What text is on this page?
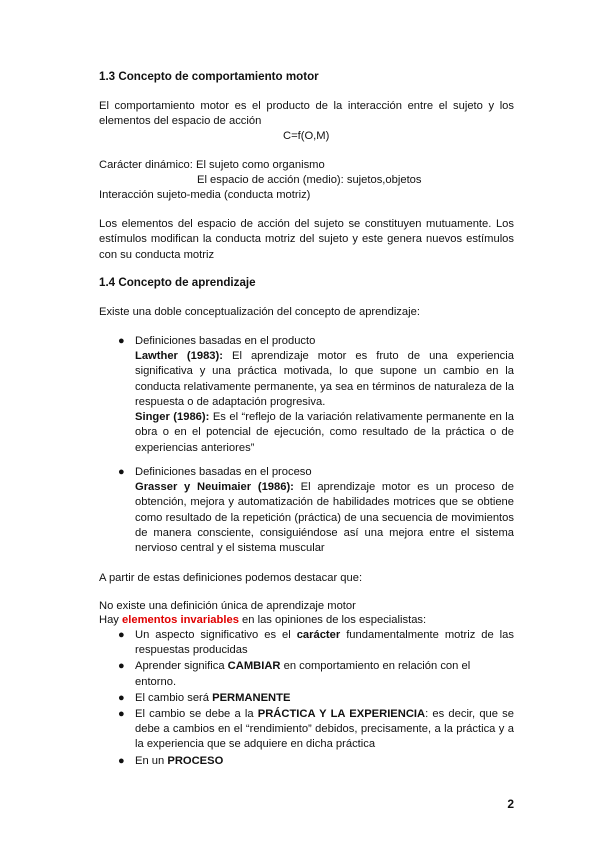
1.3 Concepto de comportamiento motor
El comportamiento motor es el producto de la interacción entre el sujeto y los elementos del espacio de acción
C=f(O,M)
Carácter dinámico: El sujeto como organismo
El espacio de acción (medio): sujetos,objetos
Interacción sujeto-media (conducta motriz)
Los elementos del espacio de acción del sujeto se constituyen mutuamente. Los estímulos modifican la conducta motriz del sujeto y este genera nuevos estímulos con su conducta motriz
1.4 Concepto de aprendizaje
Existe una doble conceptualización del concepto de aprendizaje:
● Definiciones basadas en el producto
Lawther (1983): El aprendizaje motor es fruto de una experiencia significativa y una práctica motivada, lo que supone un cambio en la conducta relativamente permanente, ya sea en términos de naturaleza de la respuesta o de adaptación progresiva.
Singer (1986): Es el “reflejo de la variación relativamente permanente en la obra o en el potencial de ejecución, como resultado de la práctica o de experiencias anteriores”
● Definiciones basadas en el proceso
Grasser y Neuimaier (1986): El aprendizaje motor es un proceso de obtención, mejora y automatización de habilidades motrices que se obtiene como resultado de la repetición (práctica) de una secuencia de movimientos de manera consciente, consiguiéndose así una mejora entre el sistema nervioso central y el sistema muscular
A partir de estas definiciones podemos destacar que:
No existe una definición única de aprendizaje motor
Hay elementos invariables en las opiniones de los especialistas:
● Un aspecto significativo es el carácter fundamentalmente motriz de las respuestas producidas
● Aprender significa CAMBIAR en comportamiento en relación con el entorno.
● El cambio será PERMANENTE
● El cambio se debe a la PRÁCTICA Y LA EXPERIENCIA: es decir, que se debe a cambios en el “rendimiento” debidos, precisamente, a la práctica y a la experiencia que se adquiere en dicha práctica
● En un PROCESO
2
